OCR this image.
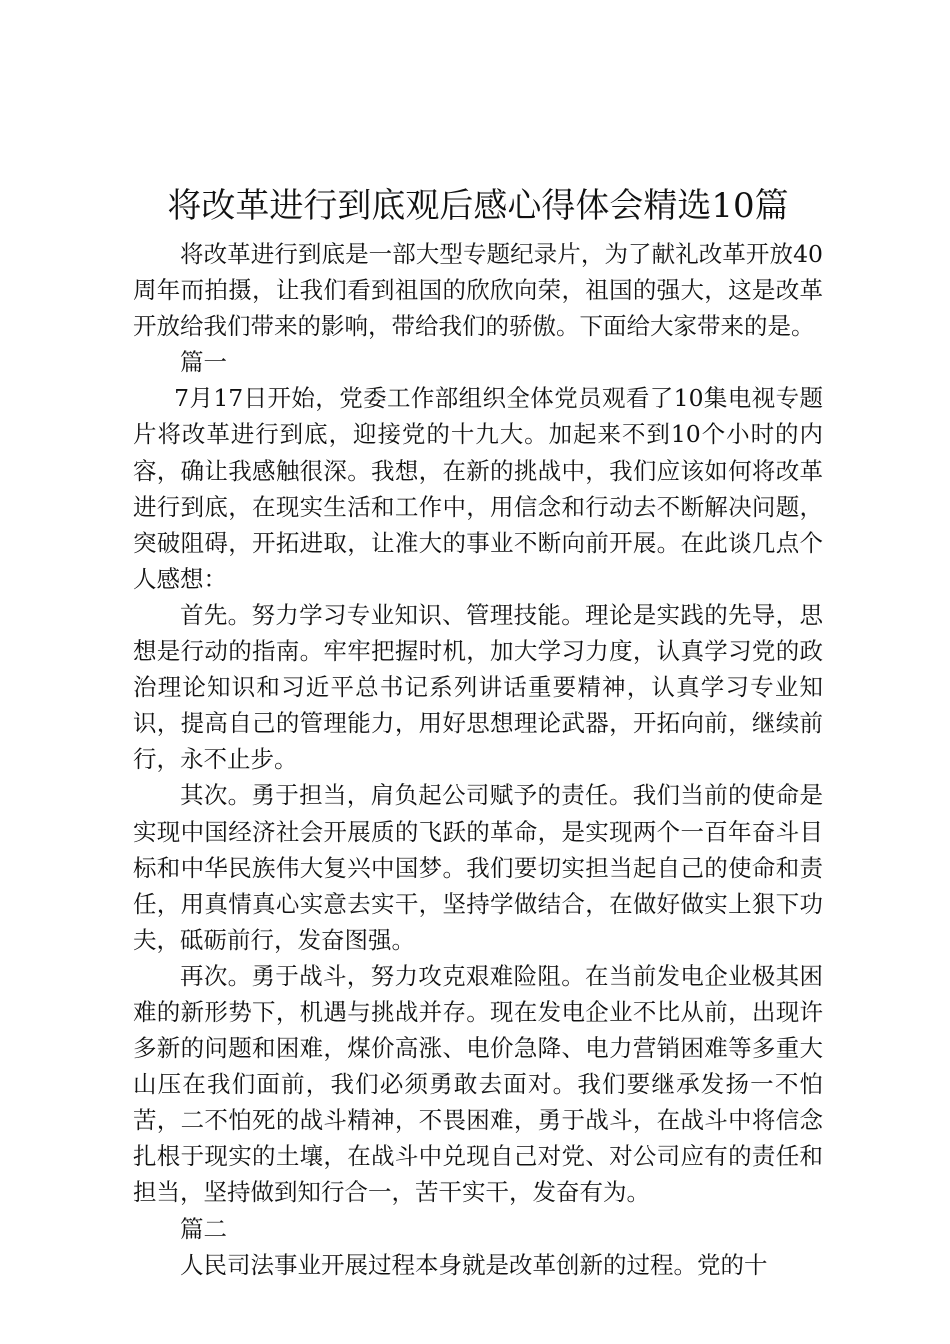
将改革进行到底观后感心得体会精选10篇

将改革进行到底是一部大型专题纪录片，为了献礼改革开放40周年而拍摄，让我们看到祖国的欣欣向荣，祖国的强大，这是改革开放给我们带来的影响，带给我们的骄傲。下面给大家带来的是。

篇一

7月17日开始，党委工作部组织全体党员观看了10集电视专题片将改革进行到底，迎接党的十九大。加起来不到10个小时的内容，确让我感触很深。我想，在新的挑战中，我们应该如何将改革进行到底，在现实生活和工作中，用信念和行动去不断解决问题，突破阻碍，开拓进取，让准大的事业不断向前开展。在此谈几点个人感想：

首先。努力学习专业知识、管理技能。理论是实践的先导，思想是行动的指南。牢牢把握时机，加大学习力度，认真学习党的政治理论知识和习近平总书记系列讲话重要精神，认真学习专业知识，提高自己的管理能力，用好思想理论武器，开拓向前，继续前行，永不止步。

其次。勇于担当，肩负起公司赋予的责任。我们当前的使命是实现中国经济社会开展质的飞跃的革命，是实现两个一百年奋斗目标和中华民族伟大复兴中国梦。我们要切实担当起自己的使命和责任，用真情真心实意去实干，坚持学做结合，在做好做实上狠下功夫，砥砺前行，发奋图强。

再次。勇于战斗，努力攻克艰难险阻。在当前发电企业极其困难的新形势下，机遇与挑战并存。现在发电企业不比从前，出现许多新的问题和困难，煤价高涨、电价急降、电力营销困难等多重大山压在我们面前，我们必须勇敢去面对。我们要继承发扬一不怕苦，二不怕死的战斗精神，不畏困难，勇于战斗，在战斗中将信念扎根于现实的土壤，在战斗中兑现自己对党、对公司应有的责任和担当，坚持做到知行合一，苦干实干，发奋有为。

篇二

人民司法事业开展过程本身就是改革创新的过程。党的十
